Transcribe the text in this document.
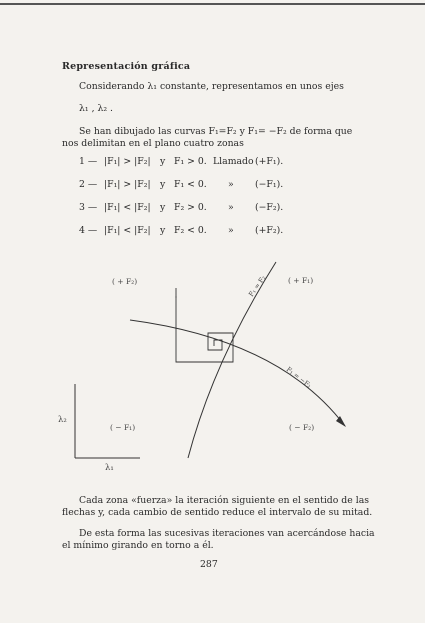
Representación gráfica
Considerando λ₁ constante, representamos en unos ejes
λ₁ , λ₂ .
Se han dibujado las curvas F₁=F₂ y F₁= −F₂ de forma que
nos delimitan en el plano cuatro zonas
1 — |F₁| > |F₂| y F₁ > 0. Llamado (+F₁).
2 — |F₁| > |F₂| y F₁ < 0. » (−F₁).
3 — |F₁| < |F₂| y F₂ > 0. » (−F₂).
4 — |F₁| < |F₂| y F₂ < 0. » (+F₂).
( + F₂)	( + F₁)
( − F₁)	( − F₂)
F₁ = F₂
F₁ = −F₂
λ₂
λ₁
Cada zona «fuerza» la iteración siguiente en el sentido de las
flechas y, cada cambio de sentido reduce el intervalo de su mitad.
De esta forma las sucesivas iteraciones van acercándose hacia
el mínimo girando en torno a él.
287
